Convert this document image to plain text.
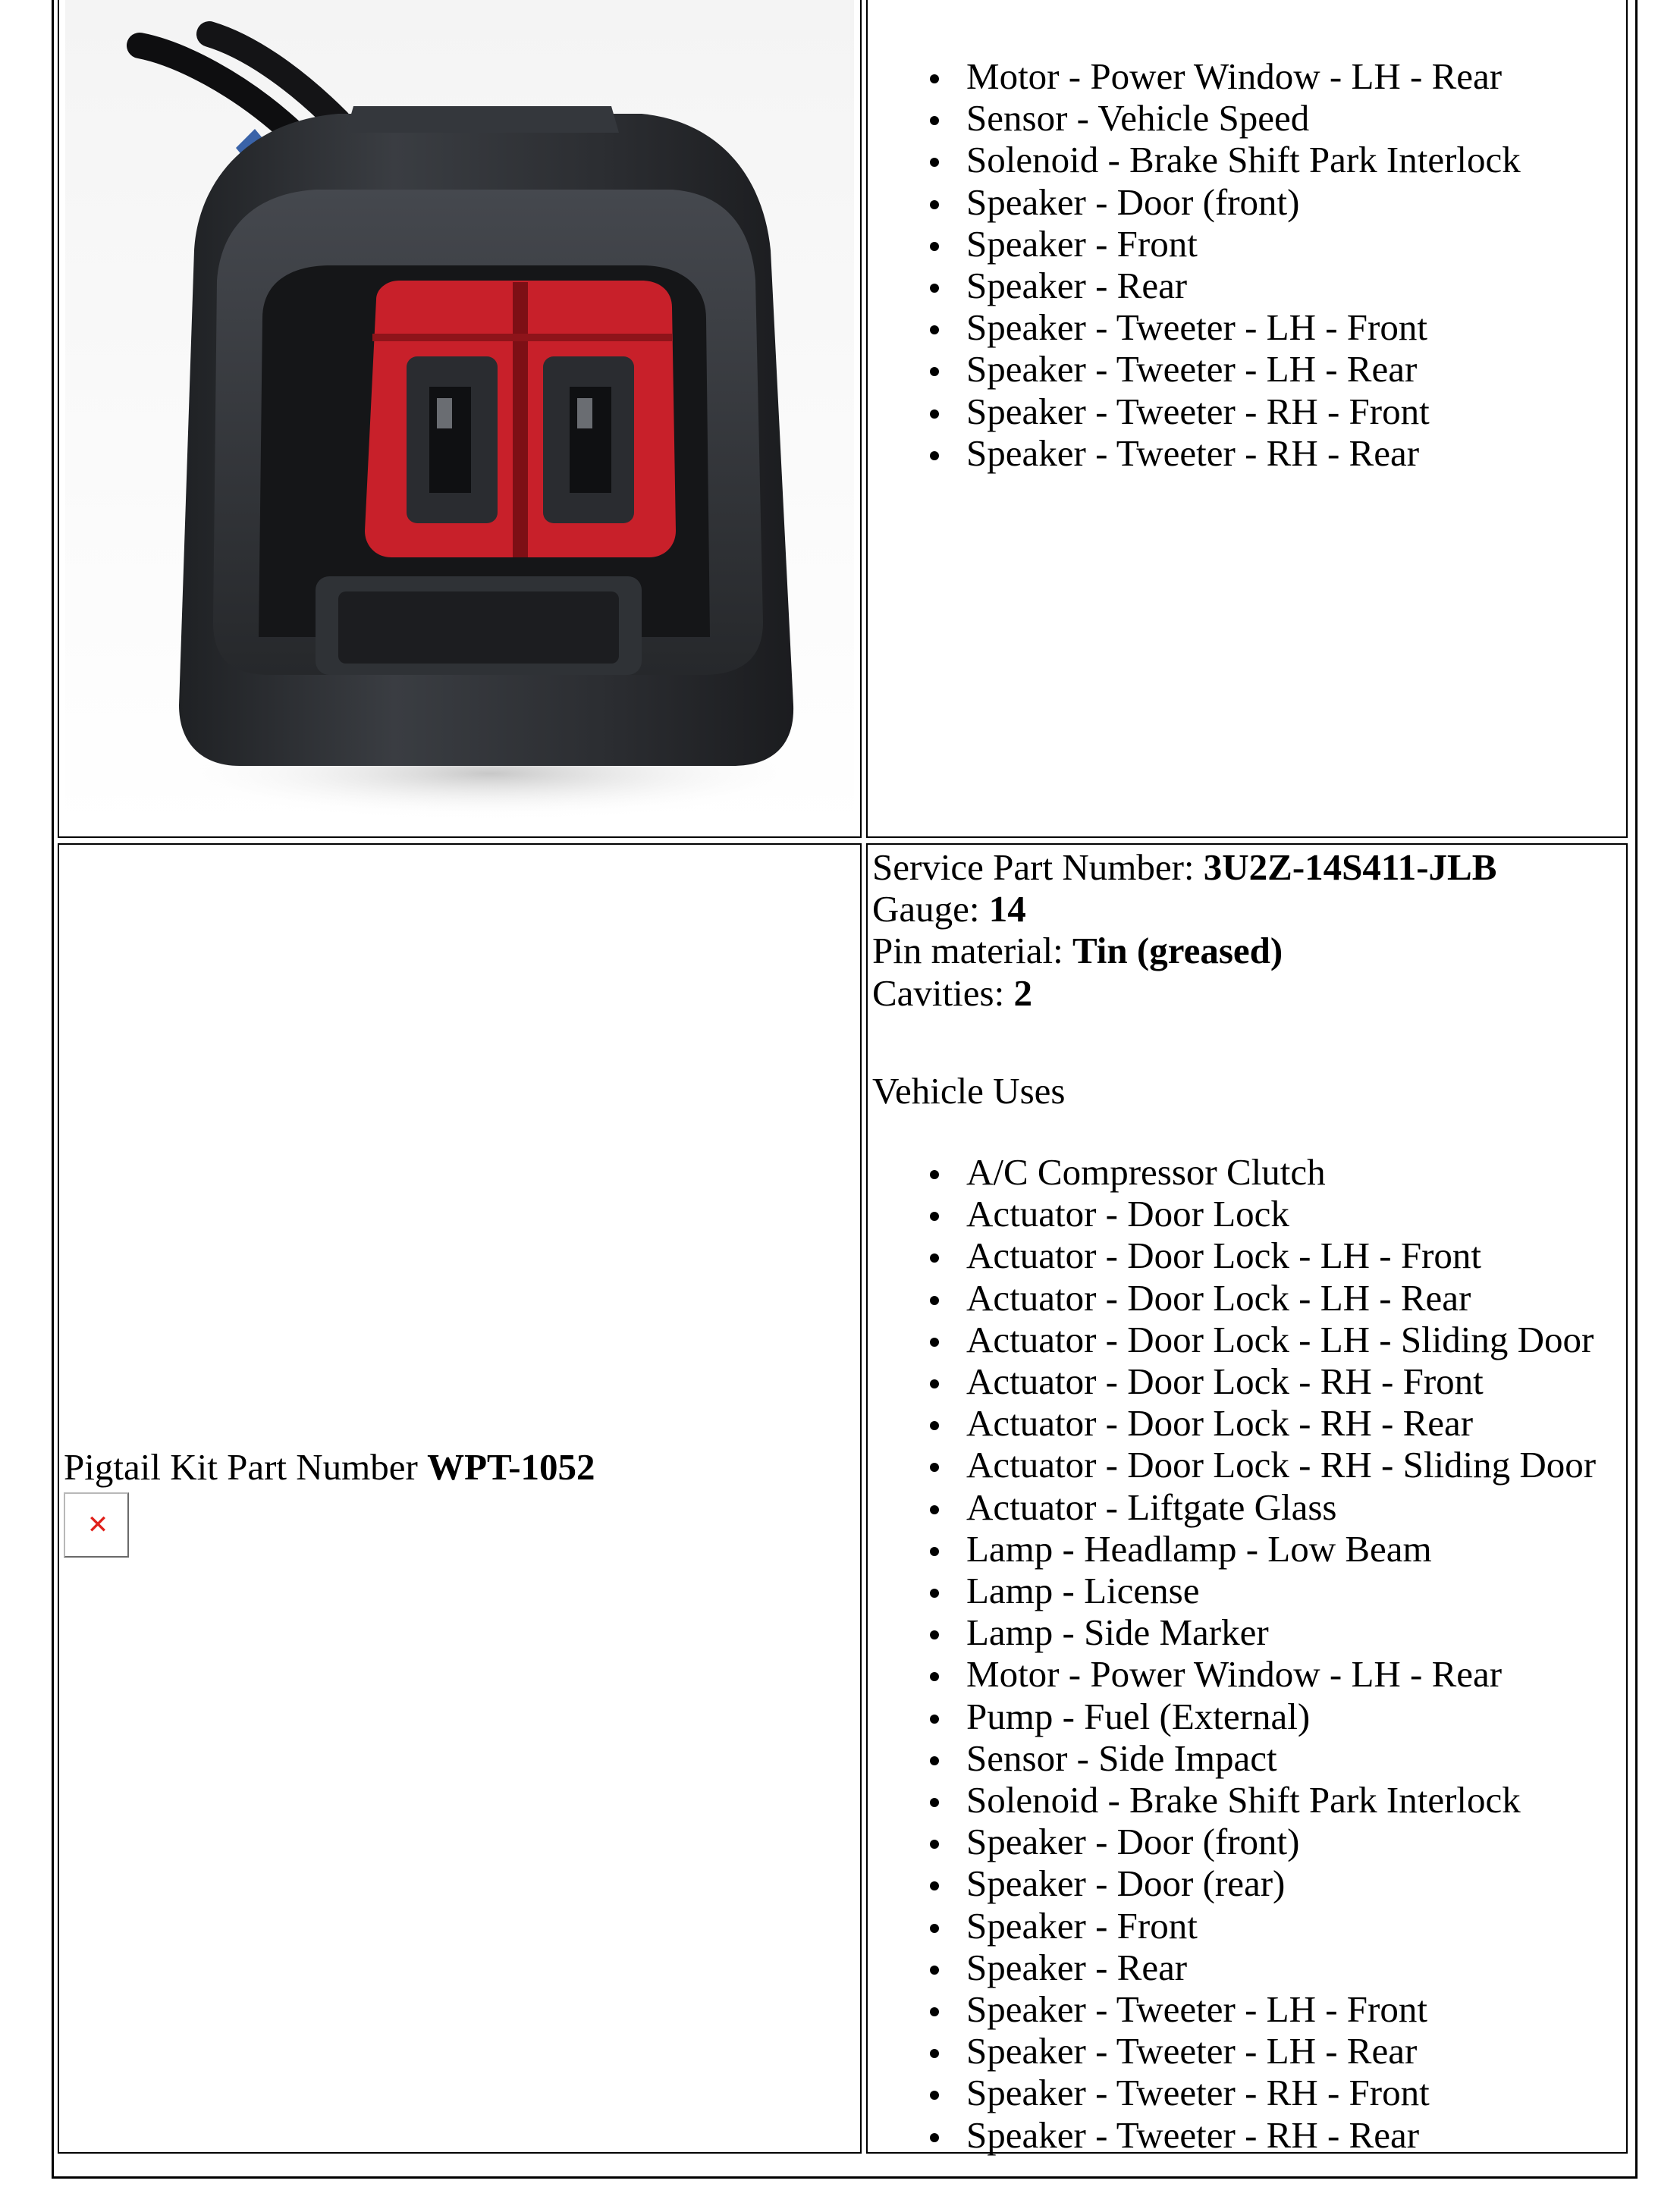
Motor - Power Window - LH - Rear
Sensor - Vehicle Speed
Solenoid - Brake Shift Park Interlock
Speaker - Door (front)
Speaker - Front
Speaker - Rear
Speaker - Tweeter - LH - Front
Speaker - Tweeter - LH - Rear
Speaker - Tweeter - RH - Front
Speaker - Tweeter - RH - Rear
Pigtail Kit Part Number WPT-1052
✕
Service Part Number: 3U2Z-14S411-JLB
Gauge: 14
Pin material: Tin (greased)
Cavities: 2
Vehicle Uses
A/C Compressor Clutch
Actuator - Door Lock
Actuator - Door Lock - LH - Front
Actuator - Door Lock - LH - Rear
Actuator - Door Lock - LH - Sliding Door
Actuator - Door Lock - RH - Front
Actuator - Door Lock - RH - Rear
Actuator - Door Lock - RH - Sliding Door
Actuator - Liftgate Glass
Lamp - Headlamp - Low Beam
Lamp - License
Lamp - Side Marker
Motor - Power Window - LH - Rear
Pump - Fuel (External)
Sensor - Side Impact
Solenoid - Brake Shift Park Interlock
Speaker - Door (front)
Speaker - Door (rear)
Speaker - Front
Speaker - Rear
Speaker - Tweeter - LH - Front
Speaker - Tweeter - LH - Rear
Speaker - Tweeter - RH - Front
Speaker - Tweeter - RH - Rear
